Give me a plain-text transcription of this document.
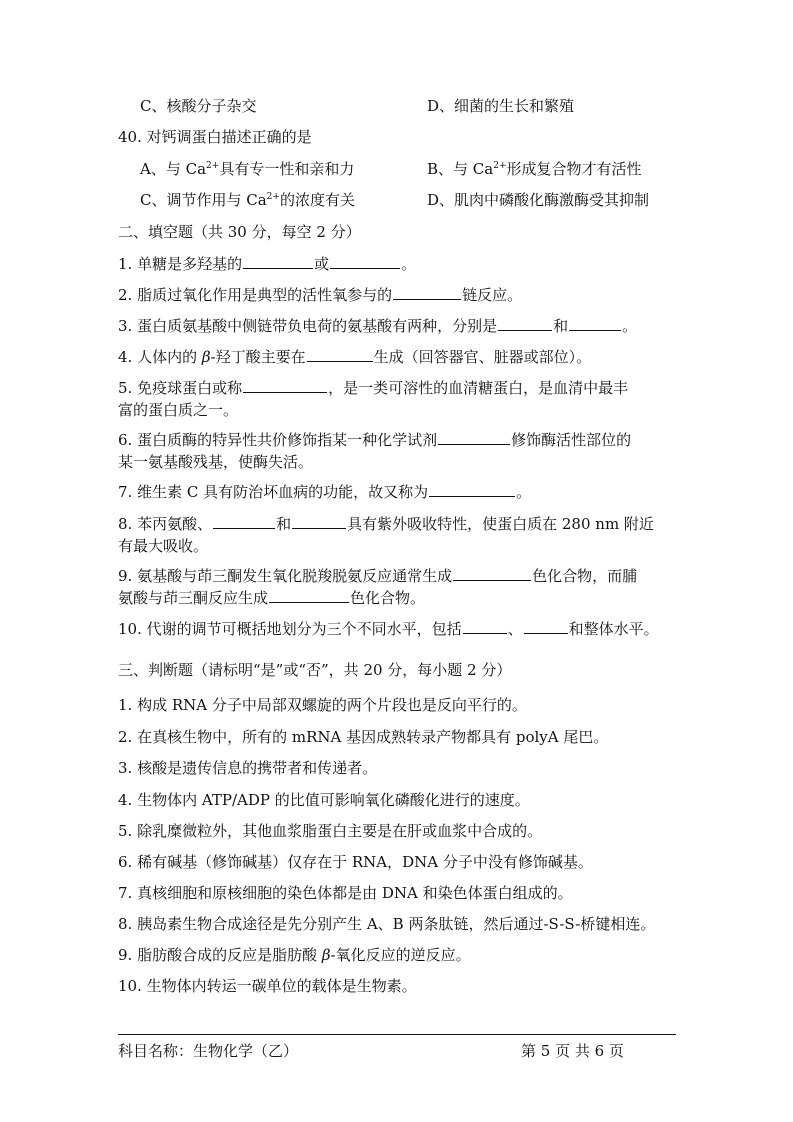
C、核酸分子杂交	D、细菌的生长和繁殖
40. 对钙调蛋白描述正确的是
A、与 $Ca^{2+}$具有专一性和亲和力	B、与 $Ca^{2+}$形成复合物才有活性
C、调节作用与 $Ca^{2+}$的浓度有关	D、肌肉中磷酸化酶激酶受其抑制
二、填空题（共 30 分，每空 2 分）
1. 单糖是多羟基的	或	。
2. 脂质过氧化作用是典型的活性氧参与的	链反应。
3. 蛋白质氨基酸中侧链带负电荷的氨基酸有两种，分别是	和	。
4. 人体内的 β-羟丁酸主要在	生成（回答器官、脏器或部位）。
5. 免疫球蛋白或称	，是一类可溶性的血清糖蛋白，是血清中最丰
富的蛋白质之一。
6. 蛋白质酶的特异性共价修饰指某一种化学试剂	修饰酶活性部位的
某一氨基酸残基，使酶失活。
7. 维生素 C 具有防治坏血病的功能，故又称为	。
8. 苯丙氨酸、	和	具有紫外吸收特性，使蛋白质在 280 nm 附近
有最大吸收。
9. 氨基酸与茚三酮发生氧化脱羧脱氨反应通常生成	色化合物，而脯
氨酸与茚三酮反应生成	色化合物。
10. 代谢的调节可概括地划分为三个不同水平，包括	、	和整体水平。
三、判断题（请标明“是”或“否”，共 20 分，每小题 2 分）
1. 构成 RNA 分子中局部双螺旋的两个片段也是反向平行的。
2. 在真核生物中，所有的 mRNA 基因成熟转录产物都具有 polyA 尾巴。
3. 核酸是遗传信息的携带者和传递者。
4. 生物体内 ATP/ADP 的比值可影响氧化磷酸化进行的速度。
5. 除乳糜微粒外，其他血浆脂蛋白主要是在肝或血浆中合成的。
6. 稀有碱基（修饰碱基）仅存在于 RNA，DNA 分子中没有修饰碱基。
7. 真核细胞和原核细胞的染色体都是由 DNA 和染色体蛋白组成的。
8. 胰岛素生物合成途径是先分别产生 A、B 两条肽链，然后通过-S-S-桥键相连。
9. 脂肪酸合成的反应是脂肪酸 β-氧化反应的逆反应。
10. 生物体内转运一碳单位的载体是生物素。
科目名称：生物化学（乙）	第 5 页 共 6 页
